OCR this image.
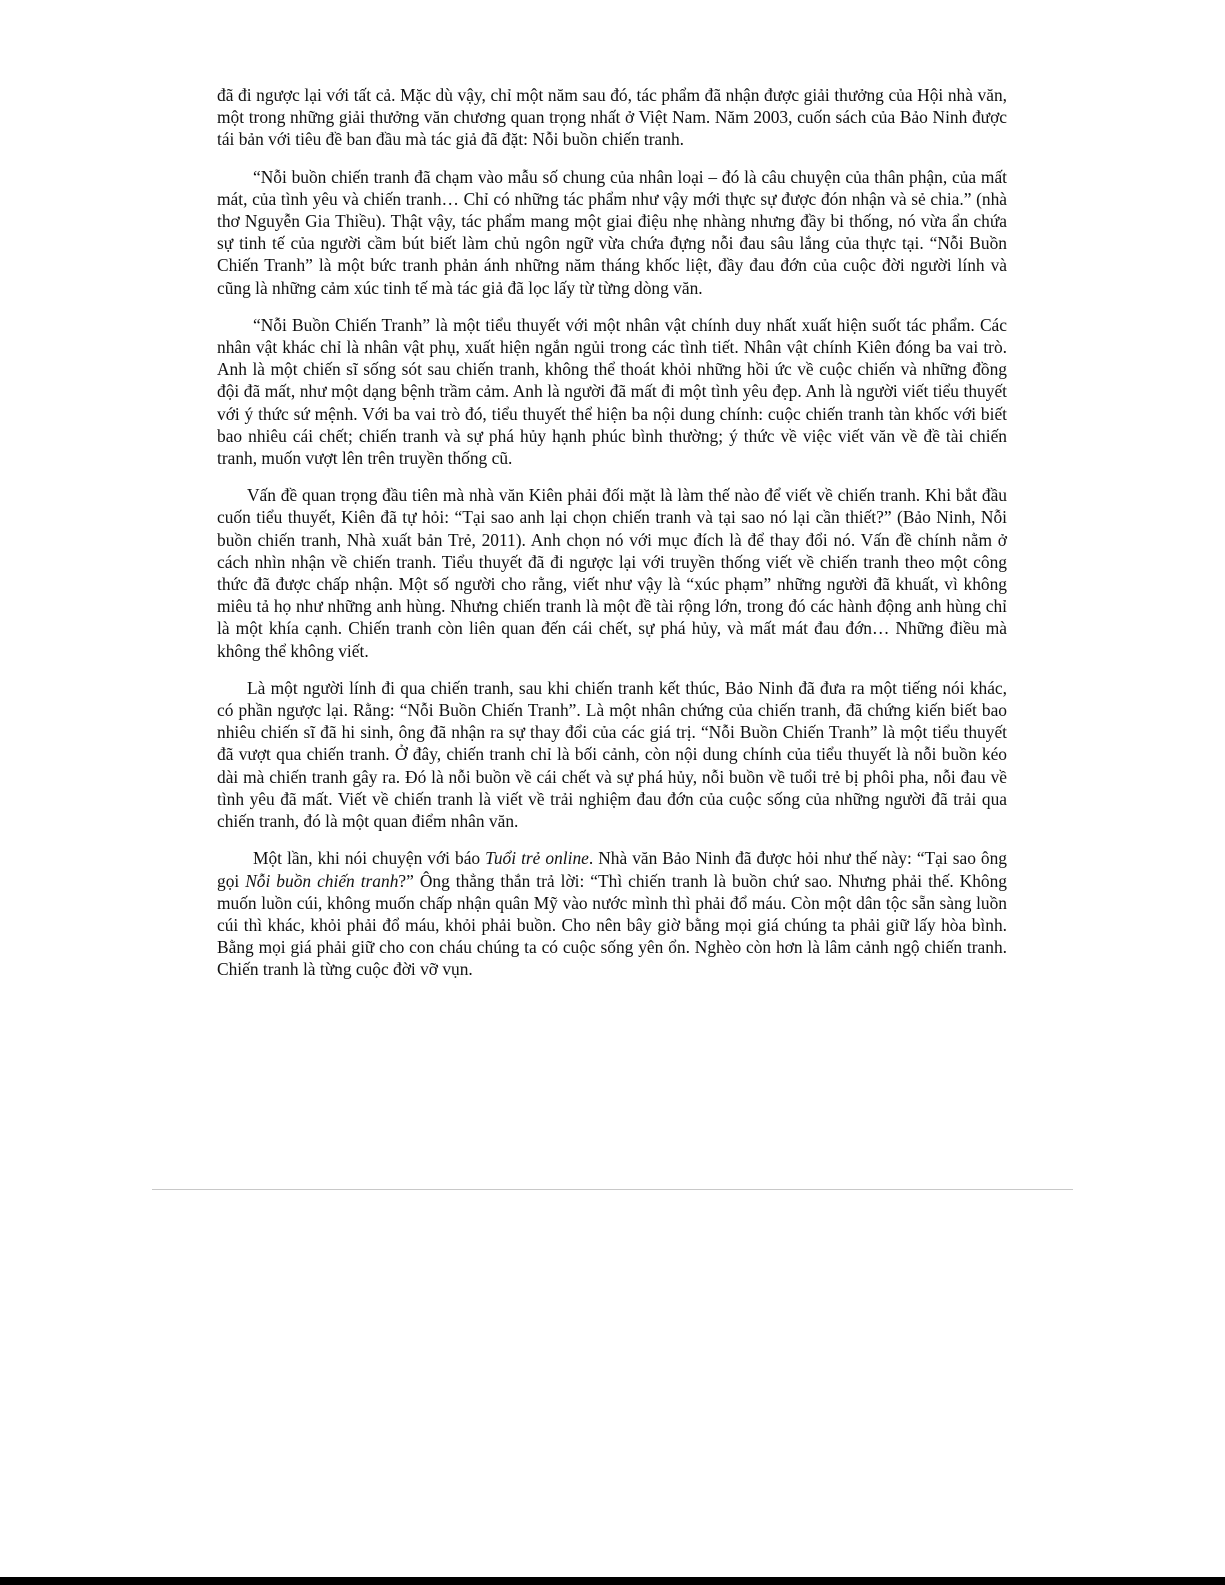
đã đi ngược lại với tất cả. Mặc dù vậy, chỉ một năm sau đó, tác phẩm đã nhận được giải thưởng của Hội nhà văn, một trong những giải thưởng văn chương quan trọng nhất ở Việt Nam. Năm 2003, cuốn sách của Bảo Ninh được tái bản với tiêu đề ban đầu mà tác giả đã đặt: Nỗi buồn chiến tranh.

“Nỗi buồn chiến tranh đã chạm vào mẫu số chung của nhân loại – đó là câu chuyện của thân phận, của mất mát, của tình yêu và chiến tranh… Chỉ có những tác phẩm như vậy mới thực sự được đón nhận và sẻ chia.” (nhà thơ Nguyễn Gia Thiều). Thật vậy, tác phẩm mang một giai điệu nhẹ nhàng nhưng đầy bi thống, nó vừa ẩn chứa sự tinh tế của người cầm bút biết làm chủ ngôn ngữ vừa chứa đựng nỗi đau sâu lắng của thực tại. “Nỗi Buồn Chiến Tranh” là một bức tranh phản ánh những năm tháng khốc liệt, đầy đau đớn của cuộc đời người lính và cũng là những cảm xúc tinh tế mà tác giả đã lọc lấy từ từng dòng văn.

“Nỗi Buồn Chiến Tranh” là một tiểu thuyết với một nhân vật chính duy nhất xuất hiện suốt tác phẩm. Các nhân vật khác chỉ là nhân vật phụ, xuất hiện ngắn ngủi trong các tình tiết. Nhân vật chính Kiên đóng ba vai trò. Anh là một chiến sĩ sống sót sau chiến tranh, không thể thoát khỏi những hồi ức về cuộc chiến và những đồng đội đã mất, như một dạng bệnh trầm cảm. Anh là người đã mất đi một tình yêu đẹp. Anh là người viết tiểu thuyết với ý thức sứ mệnh. Với ba vai trò đó, tiểu thuyết thể hiện ba nội dung chính: cuộc chiến tranh tàn khốc với biết bao nhiêu cái chết; chiến tranh và sự phá hủy hạnh phúc bình thường; ý thức về việc viết văn về đề tài chiến tranh, muốn vượt lên trên truyền thống cũ.

Vấn đề quan trọng đầu tiên mà nhà văn Kiên phải đối mặt là làm thế nào để viết về chiến tranh. Khi bắt đầu cuốn tiểu thuyết, Kiên đã tự hỏi: “Tại sao anh lại chọn chiến tranh và tại sao nó lại cần thiết?” (Bảo Ninh, Nỗi buồn chiến tranh, Nhà xuất bản Trẻ, 2011). Anh chọn nó với mục đích là để thay đổi nó. Vấn đề chính nằm ở cách nhìn nhận về chiến tranh. Tiểu thuyết đã đi ngược lại với truyền thống viết về chiến tranh theo một công thức đã được chấp nhận. Một số người cho rằng, viết như vậy là “xúc phạm” những người đã khuất, vì không miêu tả họ như những anh hùng. Nhưng chiến tranh là một đề tài rộng lớn, trong đó các hành động anh hùng chỉ là một khía cạnh. Chiến tranh còn liên quan đến cái chết, sự phá hủy, và mất mát đau đớn… Những điều mà không thể không viết.

Là một người lính đi qua chiến tranh, sau khi chiến tranh kết thúc, Bảo Ninh đã đưa ra một tiếng nói khác, có phần ngược lại. Rằng: “Nỗi Buồn Chiến Tranh”. Là một nhân chứng của chiến tranh, đã chứng kiến biết bao nhiêu chiến sĩ đã hi sinh, ông đã nhận ra sự thay đổi của các giá trị. “Nỗi Buồn Chiến Tranh” là một tiểu thuyết đã vượt qua chiến tranh. Ở đây, chiến tranh chỉ là bối cảnh, còn nội dung chính của tiểu thuyết là nỗi buồn kéo dài mà chiến tranh gây ra. Đó là nỗi buồn về cái chết và sự phá hủy, nỗi buồn về tuổi trẻ bị phôi pha, nỗi đau về tình yêu đã mất. Viết về chiến tranh là viết về trải nghiệm đau đớn của cuộc sống của những người đã trải qua chiến tranh, đó là một quan điểm nhân văn.

Một lần, khi nói chuyện với báo Tuổi trẻ online. Nhà văn Bảo Ninh đã được hỏi như thế này: “Tại sao ông gọi Nỗi buồn chiến tranh?” Ông thẳng thắn trả lời: “Thì chiến tranh là buồn chứ sao. Nhưng phải thế. Không muốn luồn cúi, không muốn chấp nhận quân Mỹ vào nước mình thì phải đổ máu. Còn một dân tộc sẵn sàng luồn cúi thì khác, khỏi phải đổ máu, khỏi phải buồn. Cho nên bây giờ bằng mọi giá chúng ta phải giữ lấy hòa bình. Bằng mọi giá phải giữ cho con cháu chúng ta có cuộc sống yên ổn. Nghèo còn hơn là lâm cảnh ngộ chiến tranh. Chiến tranh là từng cuộc đời vỡ vụn.
